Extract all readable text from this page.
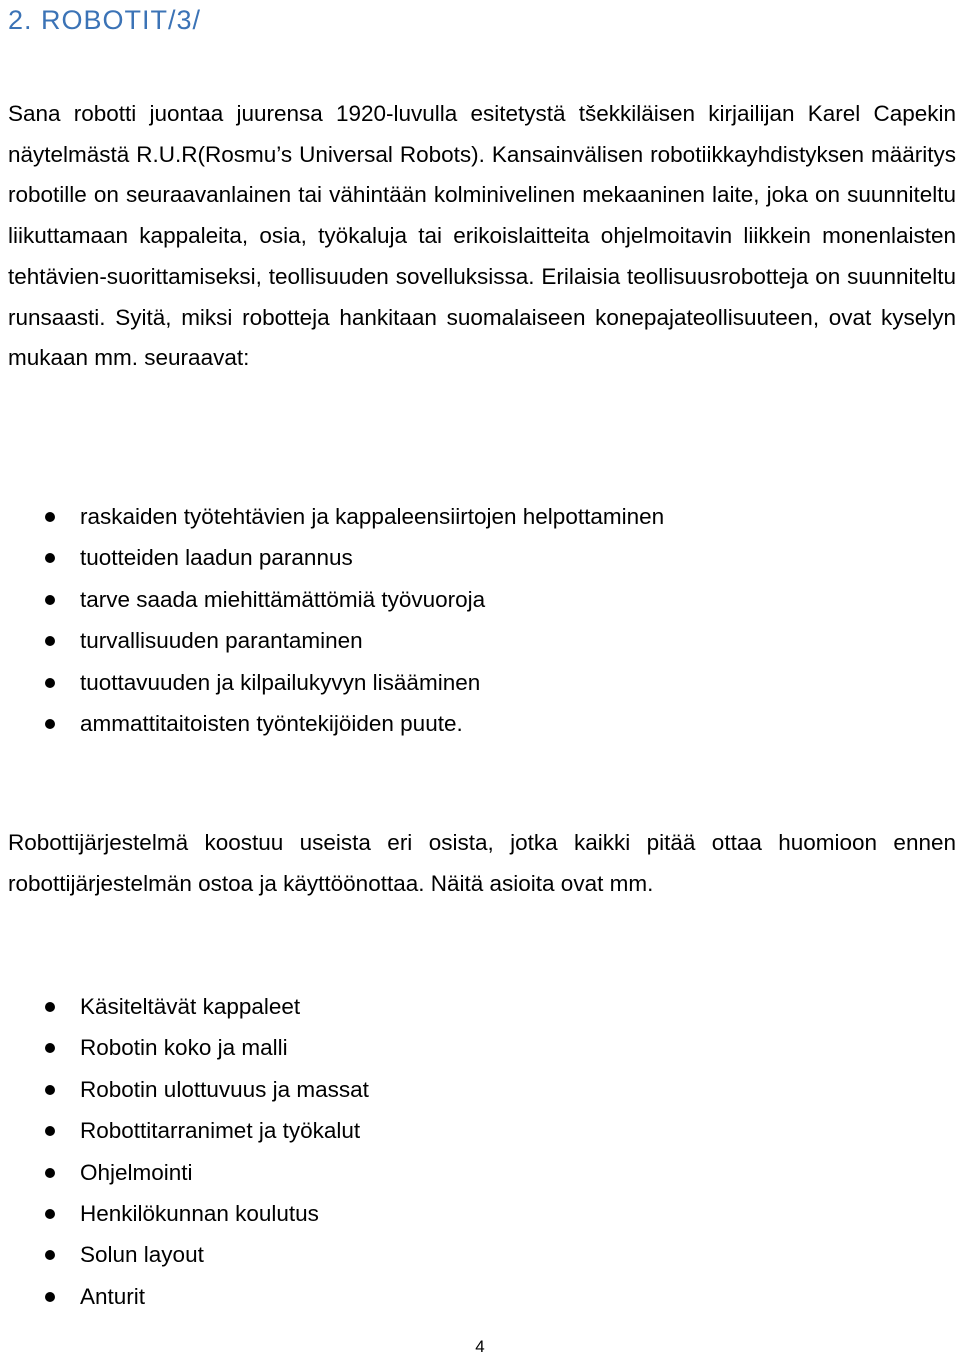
2. ROBOTIT/3/

Sana robotti juontaa juurensa 1920-luvulla esitetystä tšekkiläisen kirjailijan Karel Capekin näytelmästä R.U.R(Rosmu’s Universal Robots). Kansainvälisen robotiikkayhdistyksen määritys robotille on seuraavanlainen tai vähintään kolminivelinen mekaaninen laite, joka on suunniteltu liikuttamaan kappaleita, osia, työkaluja tai erikoislaitteita ohjelmoitavin liikkein monenlaisten tehtävien-suorittamiseksi, teollisuuden sovelluksissa. Erilaisia teollisuusrobotteja on suunniteltu runsaasti. Syitä, miksi robotteja hankitaan suomalaiseen konepajateollisuuteen, ovat kyselyn mukaan mm. seuraavat:

raskaiden työtehtävien ja kappaleensiirtojen helpottaminen
tuotteiden laadun parannus
tarve saada miehittämättömiä työvuoroja
turvallisuuden parantaminen
tuottavuuden ja kilpailukyvyn lisääminen
ammattitaitoisten työntekijöiden puute.

Robottijärjestelmä koostuu useista eri osista, jotka kaikki pitää ottaa huomioon ennen robottijärjestelmän ostoa ja käyttöönottaa. Näitä asioita ovat mm.

Käsiteltävät kappaleet
Robotin koko ja malli
Robotin ulottuvuus ja massat
Robottitarranimet ja työkalut
Ohjelmointi
Henkilökunnan koulutus
Solun layout
Anturit
4
